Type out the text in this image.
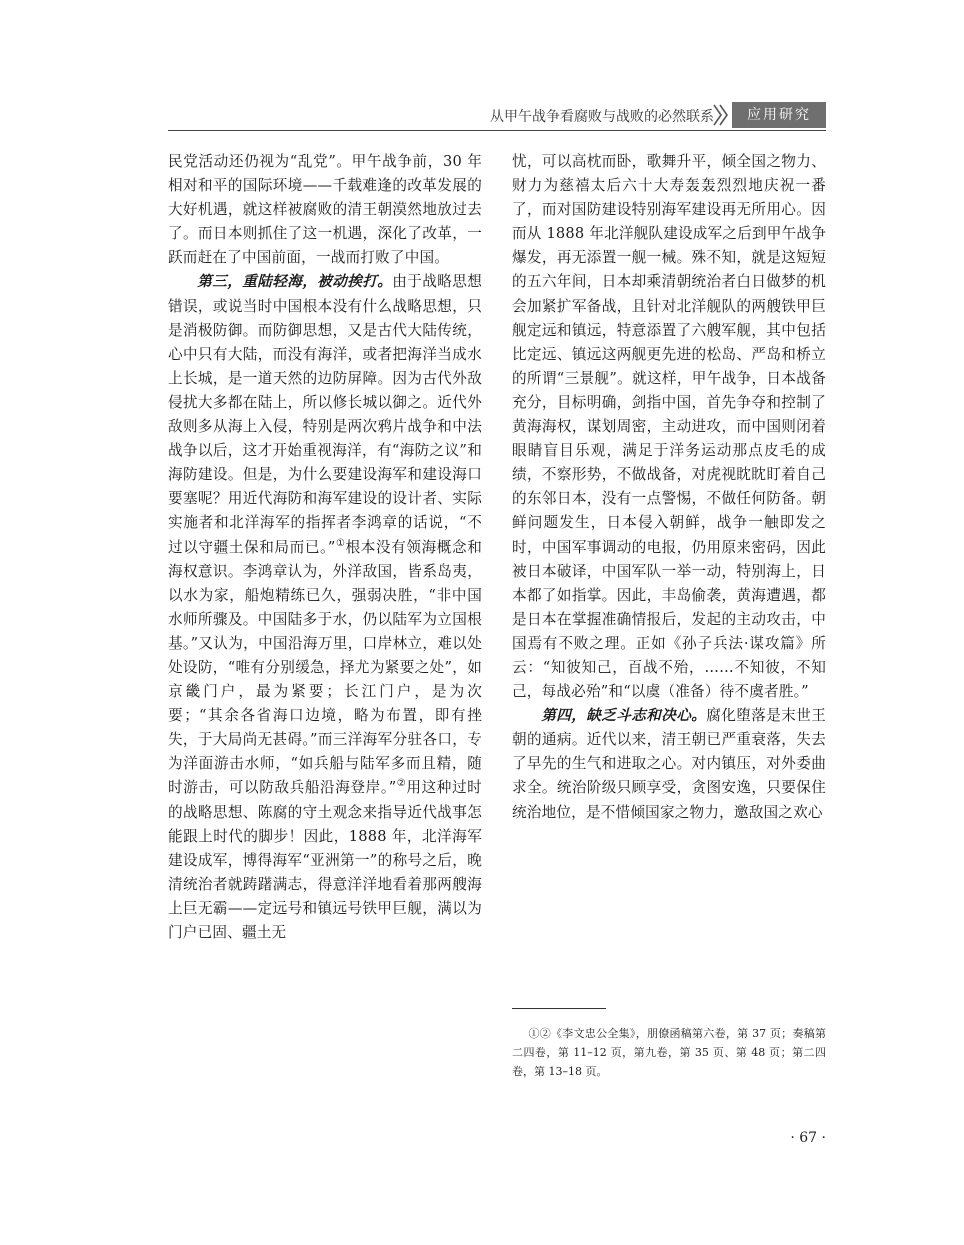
从甲午战争看腐败与战败的必然联系	应用研究

民党活动还仍视为“乱党”。甲午战争前，30 年相对和平的国际环境——千载难逢的改革发展的大好机遇，就这样被腐败的清王朝漠然地放过去了。而日本则抓住了这一机遇，深化了改革，一跃而赶在了中国前面，一战而打败了中国。

第三，重陆轻海，被动挨打。由于战略思想错误，或说当时中国根本没有什么战略思想，只是消极防御。而防御思想，又是古代大陆传统，心中只有大陆，而没有海洋，或者把海洋当成水上长城，是一道天然的边防屏障。因为古代外敌侵扰大多都在陆上，所以修长城以御之。近代外敌则多从海上入侵，特别是两次鸦片战争和中法战争以后，这才开始重视海洋，有“海防之议”和海防建设。但是，为什么要建设海军和建设海口要塞呢？用近代海防和海军建设的设计者、实际实施者和北洋海军的指挥者李鸿章的话说，“不过以守疆土保和局而已。”①根本没有领海概念和海权意识。李鸿章认为，外洋敌国，皆系岛夷，以水为家，船炮精练已久，强弱决胜，“非中国水师所骤及。中国陆多于水，仍以陆军为立国根基。”又认为，中国沿海万里，口岸林立，难以处处设防，“唯有分别缓急，择尤为紧要之处”，如京畿门户，最为紧要；长江门户，是为次要；“其余各省海口边境，略为布置，即有挫失，于大局尚无甚碍。”而三洋海军分驻各口，专为洋面游击水师，“如兵船与陆军多而且精，随时游击，可以防敌兵船沿海登岸。”②用这种过时的战略思想、陈腐的守土观念来指导近代战事怎能跟上时代的脚步！因此，1888 年，北洋海军建设成军，博得海军“亚洲第一”的称号之后，晚清统治者就踌躇满志，得意洋洋地看着那两艘海上巨无霸——定远号和镇远号铁甲巨舰，满以为门户已固、疆土无

忧，可以高枕而卧，歌舞升平，倾全国之物力、财力为慈禧太后六十大寿轰轰烈烈地庆祝一番了，而对国防建设特别海军建设再无所用心。因而从 1888 年北洋舰队建设成军之后到甲午战争爆发，再无添置一舰一械。殊不知，就是这短短的五六年间，日本却乘清朝统治者白日做梦的机会加紧扩军备战，且针对北洋舰队的两艘铁甲巨舰定远和镇远，特意添置了六艘军舰，其中包括比定远、镇远这两舰更先进的松岛、严岛和桥立的所谓“三景舰”。就这样，甲午战争，日本战备充分，目标明确，剑指中国，首先争夺和控制了黄海海权，谋划周密，主动进攻，而中国则闭着眼睛盲目乐观，满足于洋务运动那点皮毛的成绩，不察形势，不做战备，对虎视眈眈盯着自己的东邻日本，没有一点警惕，不做任何防备。朝鲜问题发生，日本侵入朝鲜，战争一触即发之时，中国军事调动的电报，仍用原来密码，因此被日本破译，中国军队一举一动，特别海上，日本都了如指掌。因此，丰岛偷袭，黄海遭遇，都是日本在掌握准确情报后，发起的主动攻击，中国焉有不败之理。正如《孙子兵法·谋攻篇》所云：“知彼知己，百战不殆，……不知彼，不知己，每战必殆”和“以虞（准备）待不虞者胜。”

第四，缺乏斗志和决心。腐化堕落是末世王朝的通病。近代以来，清王朝已严重衰落，失去了早先的生气和进取之心。对内镇压，对外委曲求全。统治阶级只顾享受，贪图安逸，只要保住统治地位，是不惜倾国家之物力，邀敌国之欢心

①②《李文忠公全集》，朋僚函稿第六卷，第 37 页；奏稿第二四卷，第 11–12 页，第九卷，第 35 页、第 48 页；第二四卷，第 13–18 页。

· 67 ·
